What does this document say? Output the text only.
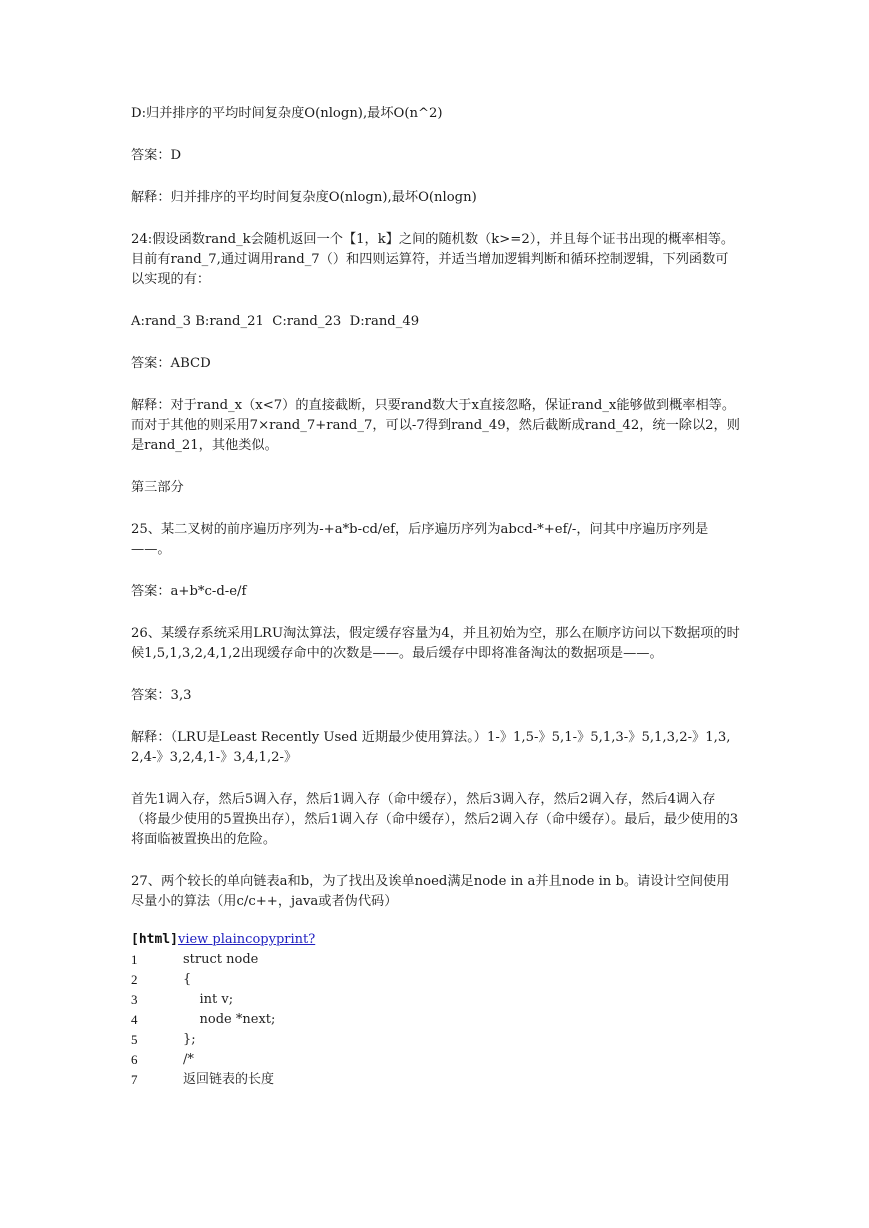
D:归并排序的平均时间复杂度O(nlogn),最坏O(n^2)

答案：D

解释：归并排序的平均时间复杂度O(nlogn),最坏O(nlogn)

24:假设函数rand_k会随机返回一个【1，k】之间的随机数（k>=2），并且每个证书出现的概率相等。目前有rand_7,通过调用rand_7（）和四则运算符，并适当增加逻辑判断和循环控制逻辑，下列函数可以实现的有：

A:rand_3 B:rand_21  C:rand_23  D:rand_49

答案：ABCD

解释：对于rand_x（x<7）的直接截断，只要rand数大于x直接忽略，保证rand_x能够做到概率相等。而对于其他的则采用7×rand_7+rand_7，可以-7得到rand_49，然后截断成rand_42，统一除以2，则是rand_21，其他类似。

第三部分

25、某二叉树的前序遍历序列为-+a*b-cd/ef，后序遍历序列为abcd-*+ef/-，问其中序遍历序列是——。

答案：a+b*c-d-e/f

26、某缓存系统采用LRU淘汰算法，假定缓存容量为4，并且初始为空，那么在顺序访问以下数据项的时候1,5,1,3,2,4,1,2出现缓存命中的次数是——。最后缓存中即将准备淘汰的数据项是——。

答案：3,3

解释：（LRU是Least Recently Used 近期最少使用算法。）1-》1,5-》5,1-》5,1,3-》5,1,3,2-》1,3,2,4-》3,2,4,1-》3,4,1,2-》

首先1调入存，然后5调入存，然后1调入存（命中缓存），然后3调入存，然后2调入存，然后4调入存（将最少使用的5置换出存），然后1调入存（命中缓存），然后2调入存（命中缓存）。最后，最少使用的3将面临被置换出的危险。

27、两个较长的单向链表a和b，为了找出及诶单noed满足node in a并且node in b。请设计空间使用尽量小的算法（用c/c++，java或者伪代码）

[html]view plaincopyprint?
1	struct node
2	{
3	int v;
4	node *next;
5	};
6	/*
7	返回链表的长度
